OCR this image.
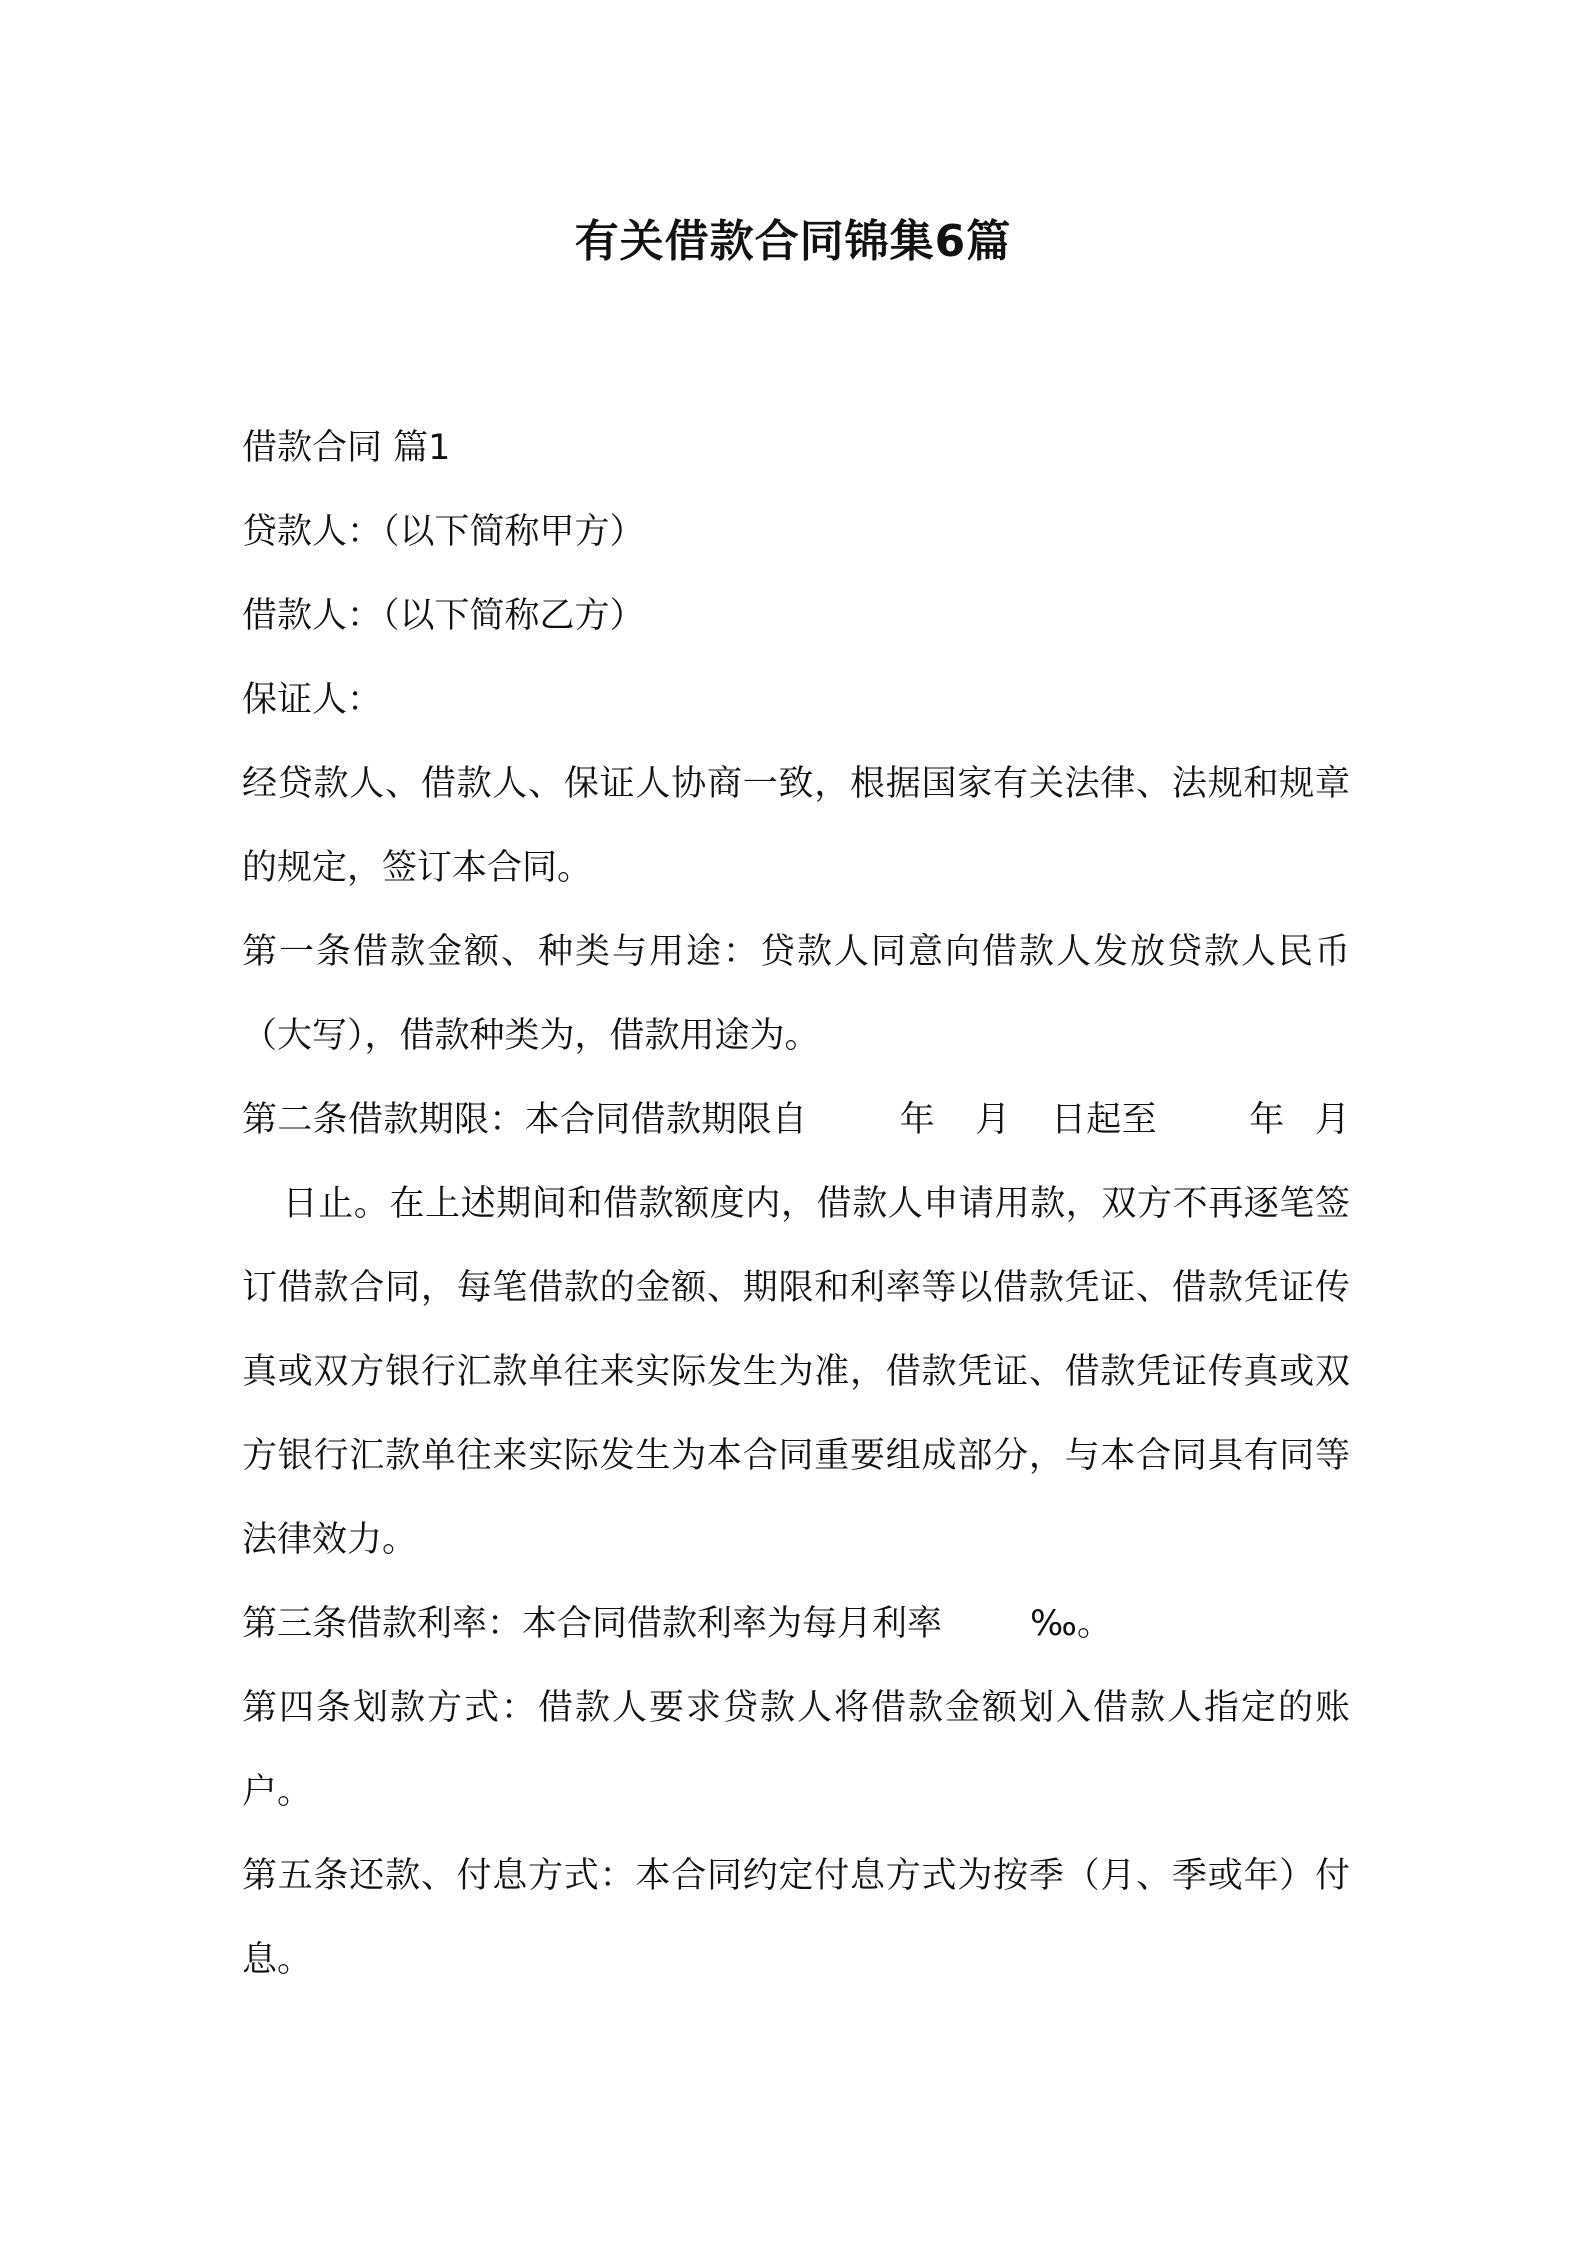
有关借款合同锦集6篇

借款合同 篇1

贷款人：（以下简称甲方）

借款人：（以下简称乙方）

保证人：

经贷款人、借款人、保证人协商一致，根据国家有关法律、法规和规章的规定，签订本合同。

第一条借款金额、种类与用途：贷款人同意向借款人发放贷款人民币（大写），借款种类为，借款用途为。

第二条借款期限：本合同借款期限自	年 月 日起至	年 月日止。在上述期间和借款额度内，借款人申请用款，双方不再逐笔签订借款合同，每笔借款的金额、期限和利率等以借款凭证、借款凭证传真或双方银行汇款单往来实际发生为准，借款凭证、借款凭证传真或双方银行汇款单往来实际发生为本合同重要组成部分，与本合同具有同等法律效力。

第三条借款利率：本合同借款利率为每月利率	‰。

第四条划款方式：借款人要求贷款人将借款金额划入借款人指定的账户。

第五条还款、付息方式：本合同约定付息方式为按季（月、季或年）付息。
